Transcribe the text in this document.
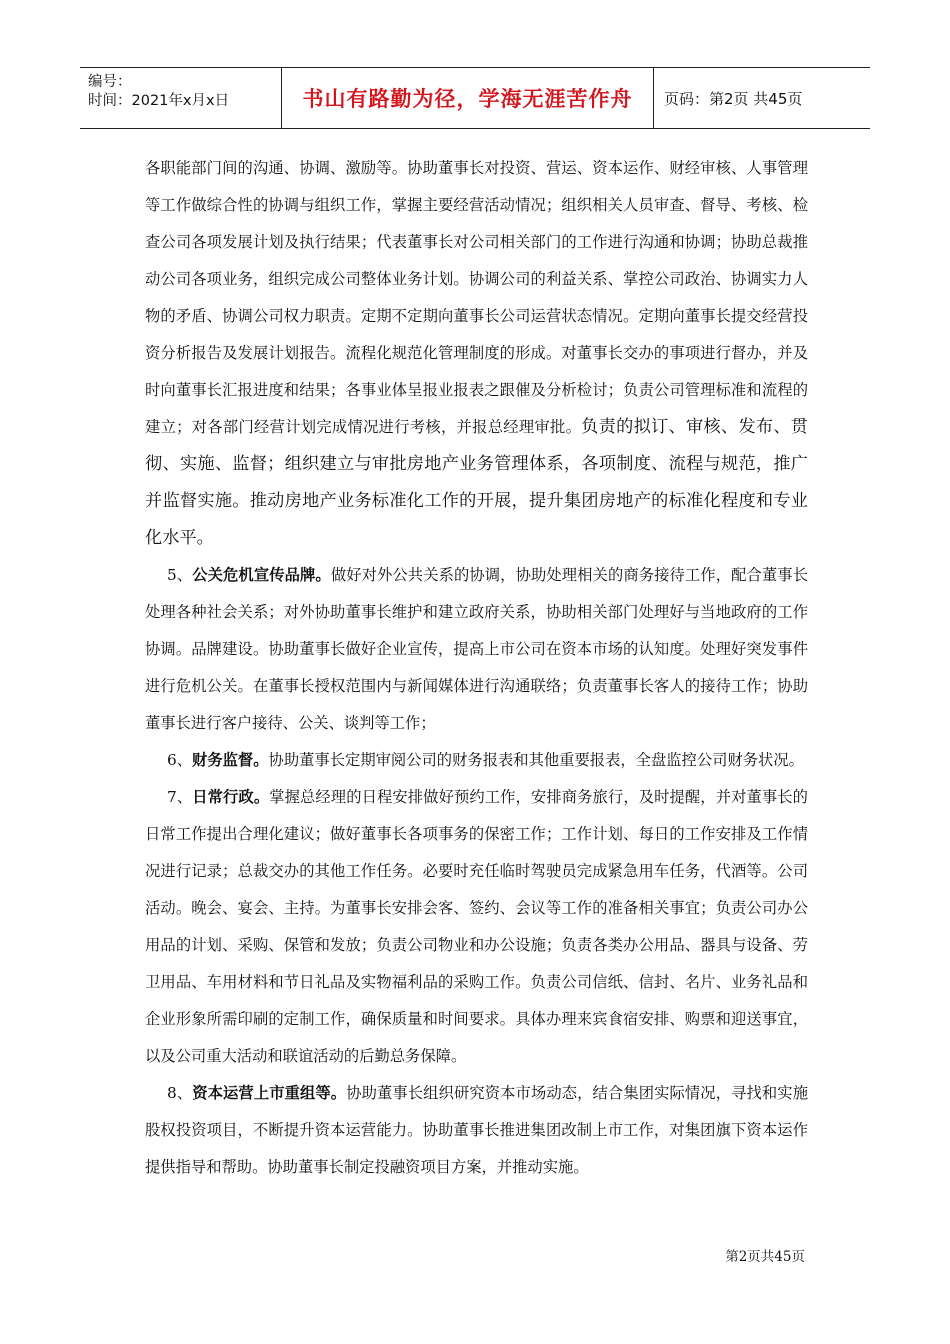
编号：
时间：2021年x月x日	书山有路勤为径，学海无涯苦作舟	页码：第2页 共45页

各职能部门间的沟通、协调、激励等。协助董事长对投资、营运、资本运作、财经审核、人事管理等工作做综合性的协调与组织工作，掌握主要经营活动情况；组织相关人员审查、督导、考核、检查公司各项发展计划及执行结果；代表董事长对公司相关部门的工作进行沟通和协调；协助总裁推动公司各项业务，组织完成公司整体业务计划。协调公司的利益关系、掌控公司政治、协调实力人物的矛盾、协调公司权力职责。定期不定期向董事长公司运营状态情况。定期向董事长提交经营投资分析报告及发展计划报告。流程化规范化管理制度的形成。对董事长交办的事项进行督办，并及时向董事长汇报进度和结果；各事业体呈报业报表之跟催及分析检讨；负责公司管理标准和流程的建立；对各部门经营计划完成情况进行考核，并报总经理审批。负责的拟订、审核、发布、贯彻、实施、监督；组织建立与审批房地产业务管理体系，各项制度、流程与规范，推广并监督实施。推动房地产业务标准化工作的开展，提升集团房地产的标准化程度和专业化水平。

5、公关危机宣传品牌。做好对外公共关系的协调，协助处理相关的商务接待工作，配合董事长处理各种社会关系；对外协助董事长维护和建立政府关系，协助相关部门处理好与当地政府的工作协调。品牌建设。协助董事长做好企业宣传，提高上市公司在资本市场的认知度。处理好突发事件进行危机公关。在董事长授权范围内与新闻媒体进行沟通联络；负责董事长客人的接待工作；协助董事长进行客户接待、公关、谈判等工作；

6、财务监督。协助董事长定期审阅公司的财务报表和其他重要报表，全盘监控公司财务状况。

7、日常行政。掌握总经理的日程安排做好预约工作，安排商务旅行，及时提醒，并对董事长的日常工作提出合理化建议；做好董事长各项事务的保密工作；工作计划、每日的工作安排及工作情况进行记录；总裁交办的其他工作任务。必要时充任临时驾驶员完成紧急用车任务，代酒等。公司活动。晚会、宴会、主持。为董事长安排会客、签约、会议等工作的准备相关事宜；负责公司办公用品的计划、采购、保管和发放；负责公司物业和办公设施；负责各类办公用品、器具与设备、劳卫用品、车用材料和节日礼品及实物福利品的采购工作。负责公司信纸、信封、名片、业务礼品和企业形象所需印刷的定制工作，确保质量和时间要求。具体办理来宾食宿安排、购票和迎送事宜，以及公司重大活动和联谊活动的后勤总务保障。

8、资本运营上市重组等。协助董事长组织研究资本市场动态，结合集团实际情况，寻找和实施股权投资项目，不断提升资本运营能力。协助董事长推进集团改制上市工作，对集团旗下资本运作提供指导和帮助。协助董事长制定投融资项目方案，并推动实施。

第2页共45页
